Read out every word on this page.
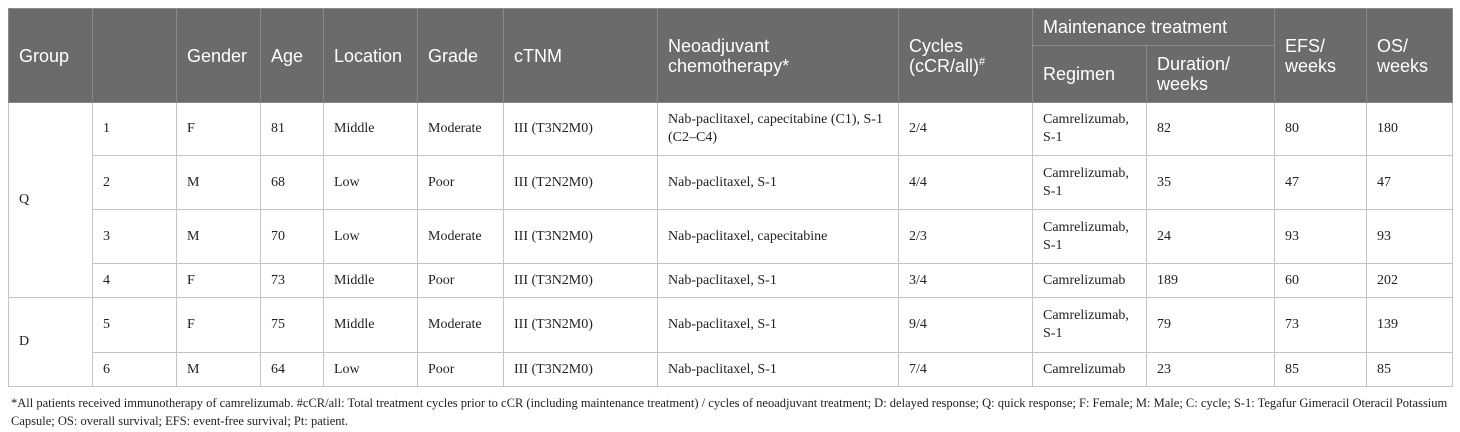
Group		Gender	Age	Location	Grade	cTNM	Neoadjuvant chemotherapy*	Cycles (cCR/all)#	Maintenance treatment		EFS/ weeks	OS/ weeks
									Regimen	Duration/ weeks		
Q	1	F	81	Middle	Moderate	III (T3N2M0)	Nab-paclitaxel, capecitabine (C1), S-1 (C2–C4)	2/4	Camrelizumab, S-1	82	80	180
	2	M	68	Low	Poor	III (T2N2M0)	Nab-paclitaxel, S-1	4/4	Camrelizumab, S-1	35	47	47
	3	M	70	Low	Moderate	III (T3N2M0)	Nab-paclitaxel, capecitabine	2/3	Camrelizumab, S-1	24	93	93
	4	F	73	Middle	Poor	III (T3N2M0)	Nab-paclitaxel, S-1	3/4	Camrelizumab	189	60	202
D	5	F	75	Middle	Moderate	III (T3N2M0)	Nab-paclitaxel, S-1	9/4	Camrelizumab, S-1	79	73	139
	6	M	64	Low	Poor	III (T3N2M0)	Nab-paclitaxel, S-1	7/4	Camrelizumab	23	85	85
*All patients received immunotherapy of camrelizumab. #cCR/all: Total treatment cycles prior to cCR (including maintenance treatment) / cycles of neoadjuvant treatment; D: delayed response; Q: quick response; F: Female; M: Male; C: cycle; S-1: Tegafur Gimeracil Oteracil Potassium Capsule; OS: overall survival; EFS: event-free survival; Pt: patient.
